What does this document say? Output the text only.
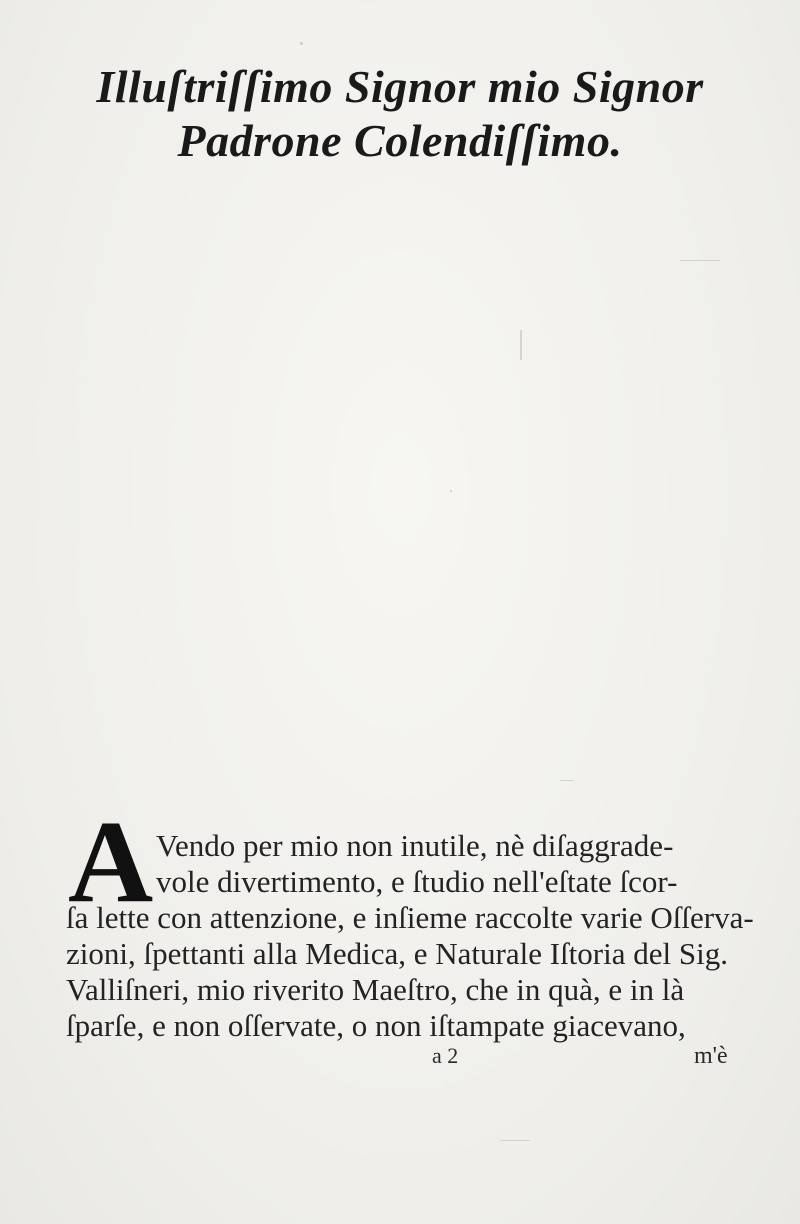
Illuſtriſſimo Signor mio Signor
Padrone Colendiſſimo.
A Vendo per mio non inutile, nè diſaggrade-
vole divertimento, e ſtudio nell'eſtate ſcor-
ſa lette con attenzione, e inſieme raccolte varie Oſſerva-
zioni, ſpettanti alla Medica, e Naturale Iſtoria del Sig.
Valliſneri, mio riverito Maeſtro, che in quà, e in là
ſparſe, e non oſſervate, o non iſtampate giacevano,
a 2	m'è
